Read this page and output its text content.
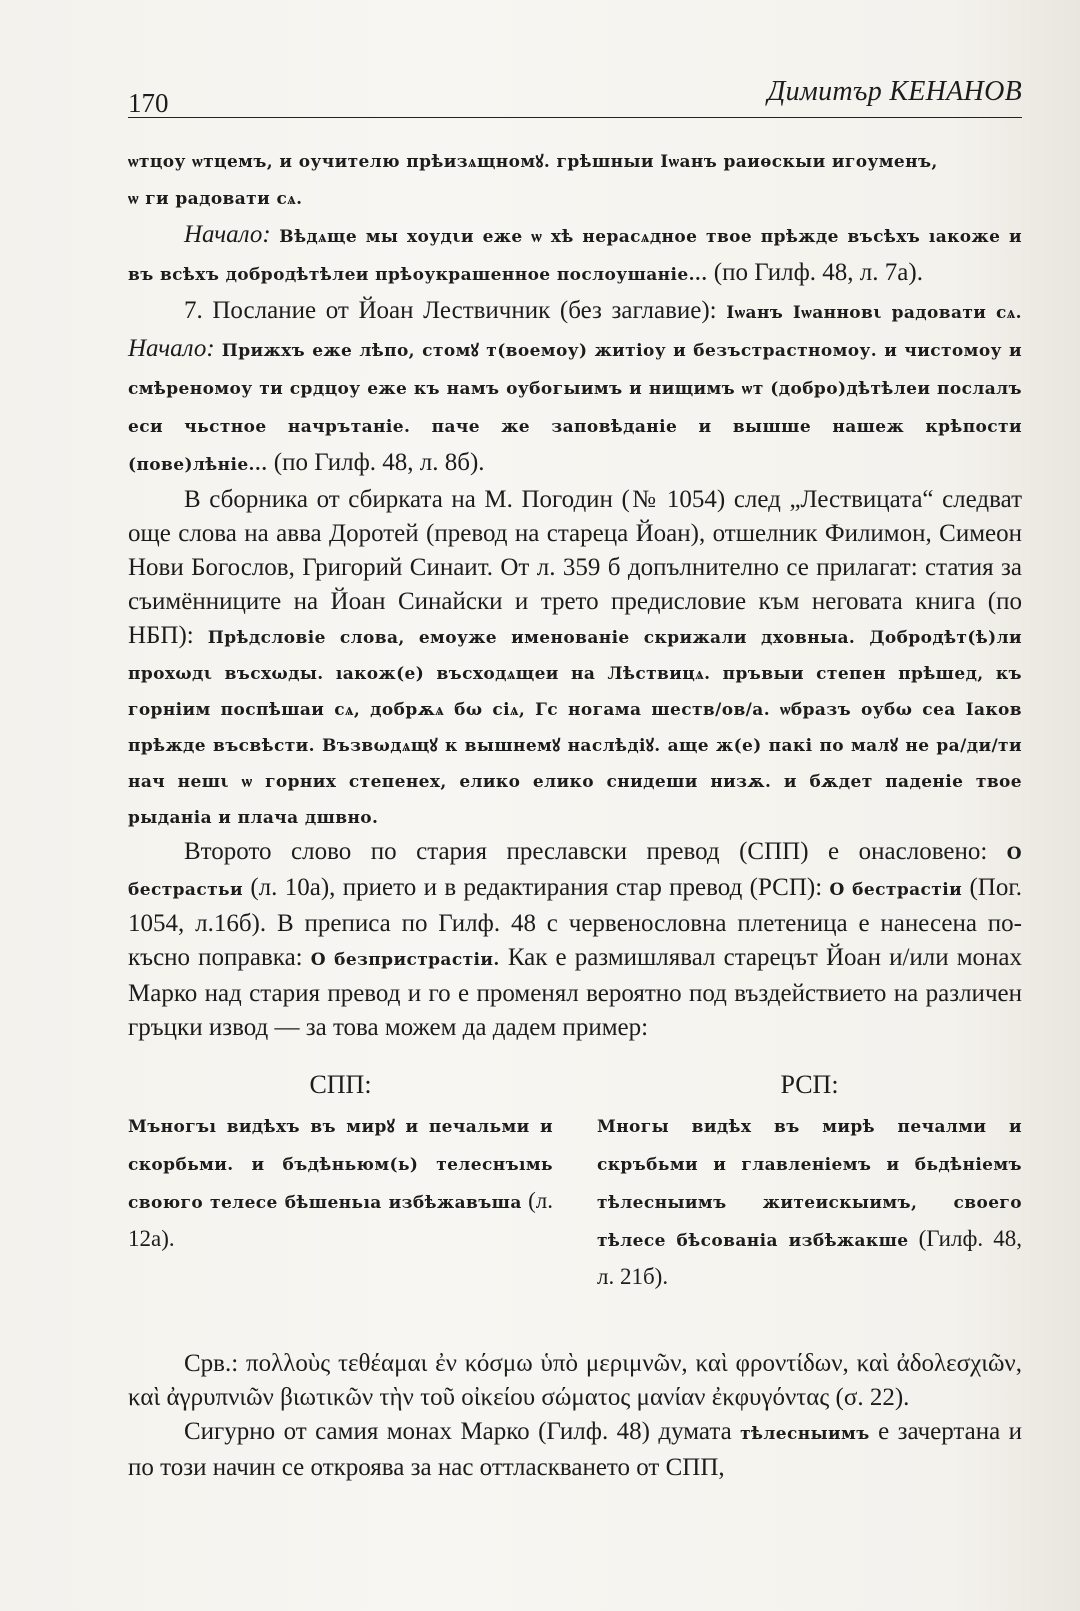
170	Димитър КЕНАНОВ

ѡтцоу ѡтцемъ, и оучителю прѣизѧщномꙋ. грѣшныи Iѡанъ раиѳскыи игоуменъ,
ѡ ги радовати сѧ.

Начало: Вѣдѧще мы хоудιи еже ѡ хѣ нерасѧдное твое прѣжде въсѣхъ ıакоже и въ всѣхъ добродѣтѣлеи прѣоукрашенное послоушанiе... (по Гилф. 48, л. 7а).

7. Послание от Йоан Лествичник (без заглавие): Iѡанъ Iѡанновι радовати сѧ. Начало: Прижхъ еже лѣпо, стомꙋ т(воемоу) житiоу и безъстрастномоу. и чистомоу и смѣреномоу ти срдцоу еже къ намъ оубогыимъ и нищимъ ѡт (добро)дѣтѣлеи послалъ еси чьстное начрътанiе. паче же заповѣданiе и вышше нашеж крѣпости (пове)лѣнiе... (по Гилф. 48, л. 8б).

В сборника от сбирката на М. Погодин (№ 1054) след „Лествицата“ следват още слова на авва Доротей (превод на стареца Йоан), отшелник Филимон, Симеон Нови Богослов, Григорий Синаит. От л. 359 б допълнително се прилагат: статия за съимённиците на Йоан Синайски и трето предисловие към неговата книга (по НБП): Прѣдсловiе слова, емоуже именованiе скрижали дховныа. Добродѣт(ѣ)ли прохωдι въсхωды. ıакож(е) въсходѧщеи на Лѣствицѧ. пръвыи степен прѣшед, къ горнiим поспѣшаи сѧ, добрѫѧ бω сiѧ, Гс ногама шеств/ов/а. ѡбразъ оубω сеа Iаков прѣжде въсвѣсти. Възвωдѧщꙋ к вышнемꙋ наслѣдiꙋ. аще ж(е) пакi по малꙋ не ра/ди/ти нач нешι ѡ горних степенех, елико елико снидеши низѫ. и бѫдет паденiе твое рыданiа и плача дшвно.

Второто слово по стария преславски превод (СПП) е онасловено: О бестрастьи (л. 10а), прието и в редактирания стар превод (РСП): О бестрастiи (Пог. 1054, л.16б). В преписа по Гилф. 48 с червенословна плетеница е нанесена по-късно поправка: О безпристрастiи. Как е размишлявал старецът Йоан и/или монах Марко над стария превод и го е променял вероятно под въздействието на различен гръцки извод — за това можем да дадем пример:

СПП:

Мъногъı видѣхъ въ мирꙋ и печальми и скорбьми. и бъдѣньюм(ь) телеснъıмь своюго телесе бѣшеньıа избѣжавъша (л. 12а).

РСП:

Многы видѣх въ мирѣ печалми и скръбьми и главленiемъ и бьдѣнiемъ тѣлесныимъ житеискыимъ, своего тѣлесе бѣсованiа избѣжакше (Гилф. 48, л. 21б).

Срв.: πολλοὺς τεθέαμαι ἐν κόσμω ὑπὸ μεριμνῶν, καὶ φροντίδων, καὶ ἀδολεσχιῶν, καὶ ἀγρυπνιῶν βιωτικῶν τὴν τοῦ οἰκείου σώματος μανίαν ἐκφυγόντας (σ. 22).

Сигурно от самия монах Марко (Гилф. 48) думата тѣлесныимъ е зачертана и по този начин се откроява за нас оттласкването от СПП,
